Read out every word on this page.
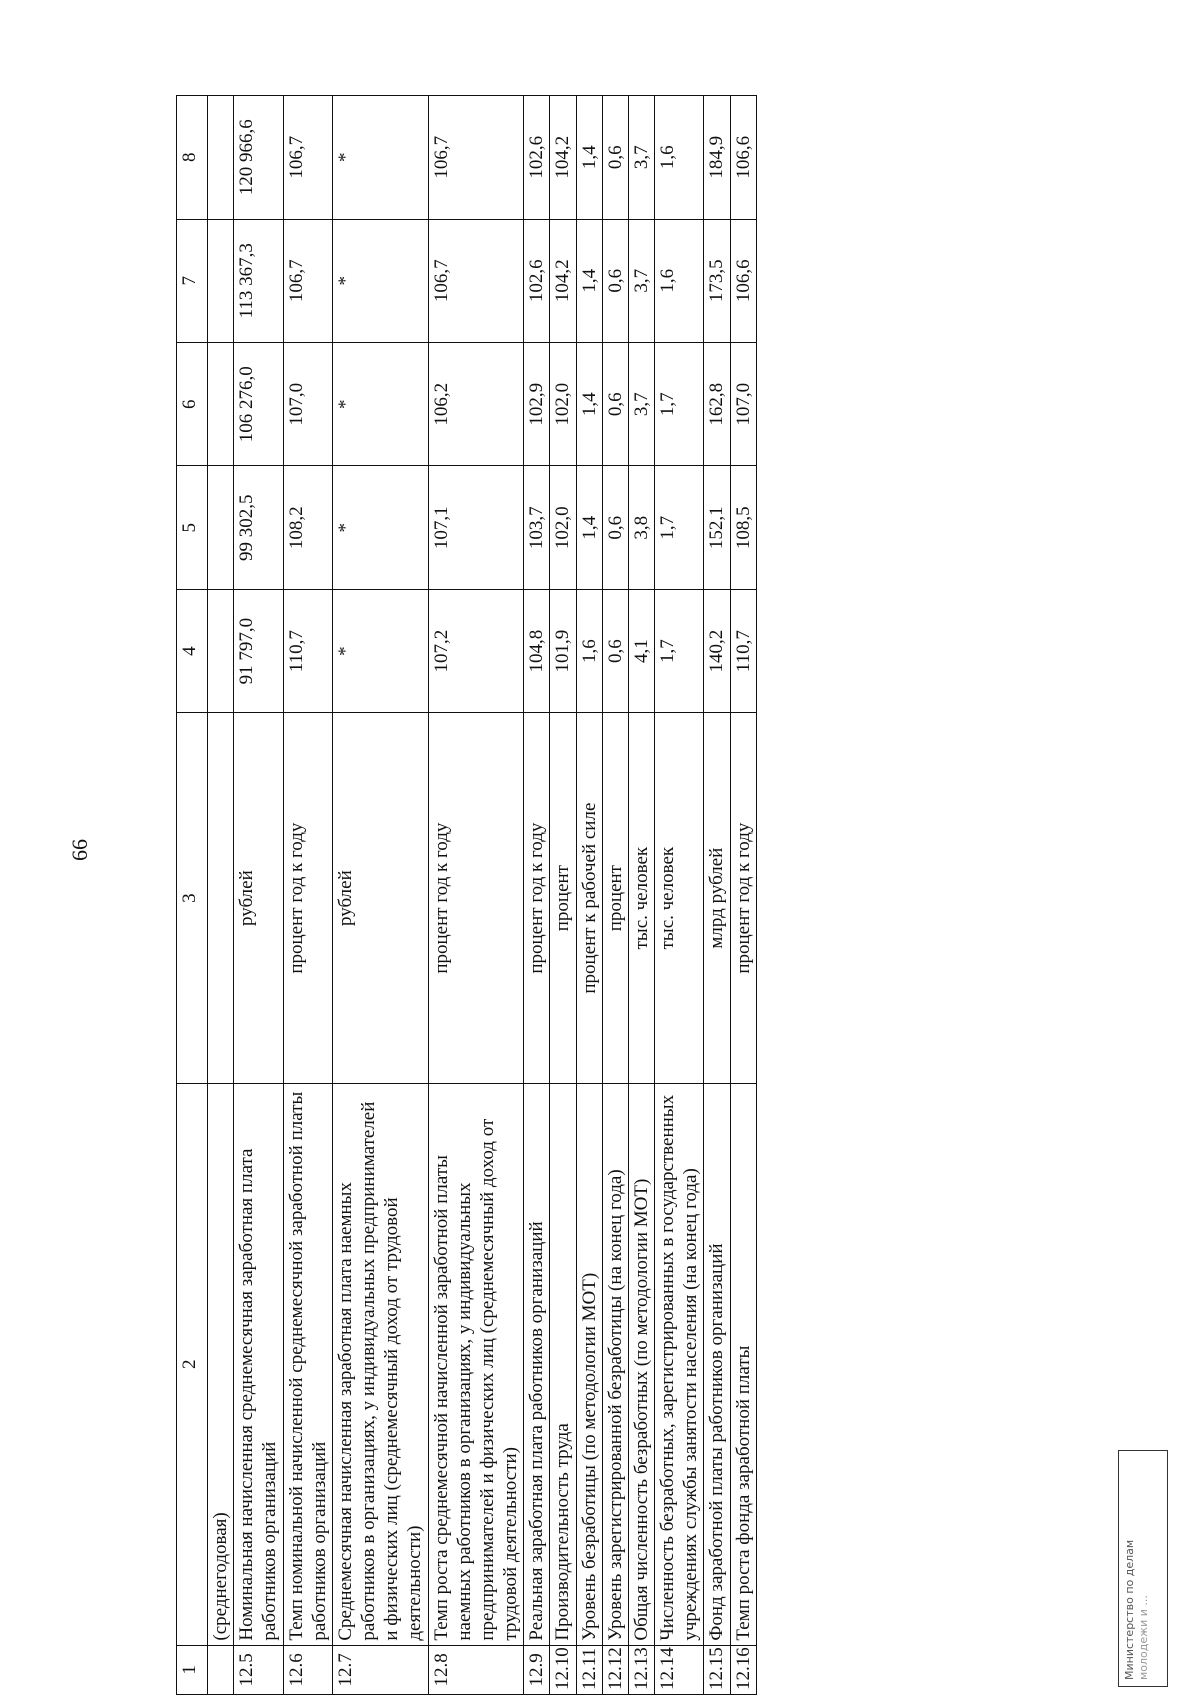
66
1	2	3	4	5	6	7	8
	(среднегодовая)						
12.5	Номинальная начисленная среднемесячная заработная плата работников организаций	рублей	91 797,0	99 302,5	106 276,0	113 367,3	120 966,6
12.6	Темп номинальной начисленной среднемесячной заработной платы работников организаций	процент год к году	110,7	108,2	107,0	106,7	106,7
12.7	Среднемесячная начисленная заработная плата наемных работников в организациях, у индивидуальных предпринимателей и физических лиц (среднемесячный доход от трудовой деятельности)	рублей	*	*	*	*	*
12.8	Темп роста среднемесячной начисленной заработной платы наемных работников в организациях, у индивидуальных предпринимателей и физических лиц (среднемесячный доход от трудовой деятельности)	процент год к году	107,2	107,1	106,2	106,7	106,7
12.9	Реальная заработная плата работников организаций	процент год к году	104,8	103,7	102,9	102,6	102,6
12.10	Производительность труда	процент	101,9	102,0	102,0	104,2	104,2
12.11	Уровень безработицы (по методологии МОТ)	процент к рабочей силе	1,6	1,4	1,4	1,4	1,4
12.12	Уровень зарегистрированной безработицы (на конец года)	процент	0,6	0,6	0,6	0,6	0,6
12.13	Общая численность безработных (по методологии МОТ)	тыс. человек	4,1	3,8	3,7	3,7	3,7
12.14	Численность безработных, зарегистрированных в государственных учреждениях службы занятости населения (на конец года)	тыс. человек	1,7	1,7	1,7	1,6	1,6
12.15	Фонд заработной платы работников организаций	млрд рублей	140,2	152,1	162,8	173,5	184,9
12.16	Темп роста фонда заработной платы	процент год к году	110,7	108,5	107,0	106,6	106,6
Министерство по делам молодежи и ...
